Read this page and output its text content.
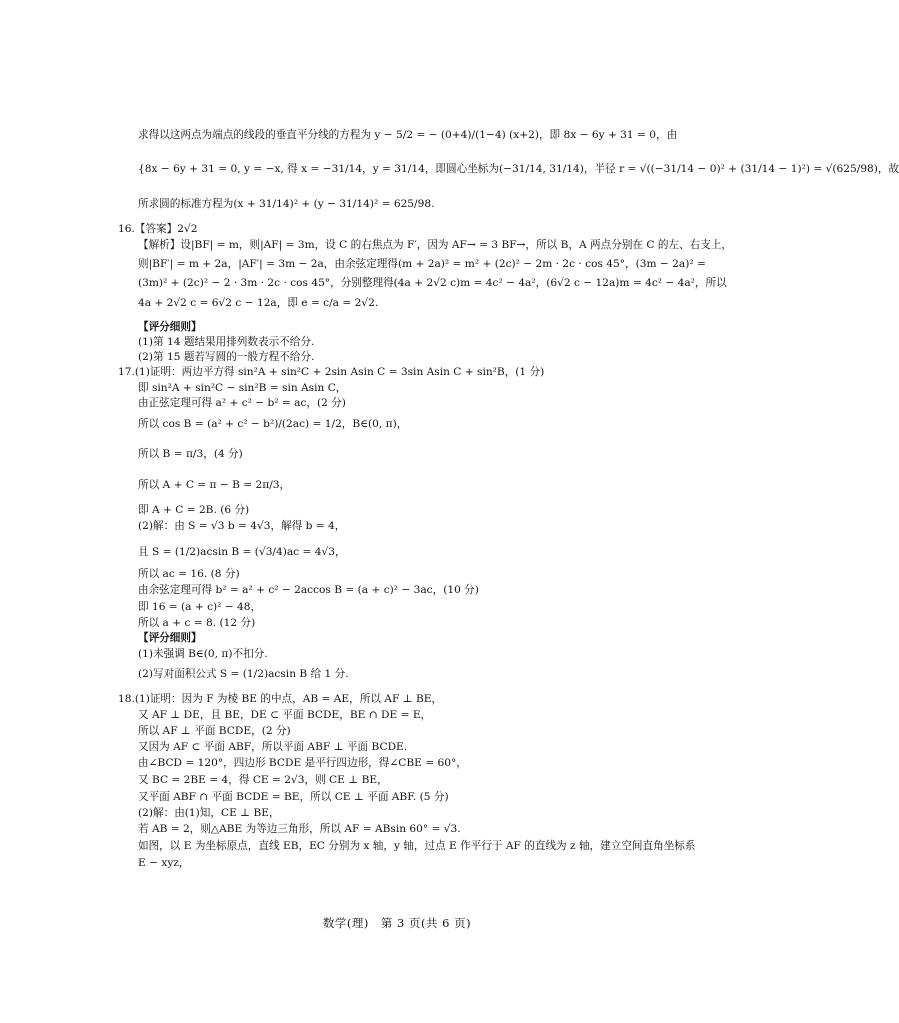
求得以这两点为端点的线段的垂直平分线的方程为 y − 5/2 = − (0+4)/(1−4) (x+2)，即 8x − 6y + 31 = 0，由
{8x − 6y + 31 = 0, y = −x, 得 x = −31/14，y = 31/14，即圆心坐标为(−31/14, 31/14)，半径 r = √((−31/14 − 0)² + (31/14 − 1)²) = √(625/98)，故
所求圆的标准方程为(x + 31/14)² + (y − 31/14)² = 625/98.
16.【答案】2√2
【解析】设|BF| = m，则|AF| = 3m，设 C 的右焦点为 F′，因为 AF→ = 3 BF→，所以 B，A 两点分别在 C 的左、右支上，
则|BF′| = m + 2a，|AF′| = 3m − 2a，由余弦定理得(m + 2a)² = m² + (2c)² − 2m · 2c · cos 45°，(3m − 2a)² =
(3m)² + (2c)² − 2 · 3m · 2c · cos 45°，分别整理得(4a + 2√2 c)m = 4c² − 4a²，(6√2 c − 12a)m = 4c² − 4a²，所以
4a + 2√2 c = 6√2 c − 12a，即 e = c/a = 2√2.
【评分细则】
(1)第 14 题结果用排列数表示不给分.
(2)第 15 题若写圆的一般方程不给分.
17.(1)证明：两边平方得 sin²A + sin²C + 2sin Asin C = 3sin Asin C + sin²B，(1 分)
即 sin²A + sin²C − sin²B = sin Asin C，
由正弦定理可得 a² + c² − b² = ac，(2 分)
所以 cos B = (a² + c² − b²)/(2ac) = 1/2，B∈(0, π)，
所以 B = π/3，(4 分)
所以 A + C = π − B = 2π/3，
即 A + C = 2B. (6 分)
(2)解：由 S = √3 b = 4√3，解得 b = 4，
且 S = (1/2)acsin B = (√3/4)ac = 4√3，
所以 ac = 16. (8 分)
由余弦定理可得 b² = a² + c² − 2accos B = (a + c)² − 3ac，(10 分)
即 16 = (a + c)² − 48，
所以 a + c = 8. (12 分)
【评分细则】
(1)未强调 B∈(0, π)不扣分.
(2)写对面积公式 S = (1/2)acsin B 给 1 分.
18.(1)证明：因为 F 为棱 BE 的中点，AB = AE，所以 AF ⊥ BE，
又 AF ⊥ DE，且 BE，DE ⊂ 平面 BCDE，BE ∩ DE = E，
所以 AF ⊥ 平面 BCDE，(2 分)
又因为 AF ⊂ 平面 ABF，所以平面 ABF ⊥ 平面 BCDE.
由∠BCD = 120°，四边形 BCDE 是平行四边形，得∠CBE = 60°，
又 BC = 2BE = 4，得 CE = 2√3，则 CE ⊥ BE，
又平面 ABF ∩ 平面 BCDE = BE，所以 CE ⊥ 平面 ABF. (5 分)
(2)解：由(1)知，CE ⊥ BE，
若 AB = 2，则△ABE 为等边三角形，所以 AF = ABsin 60° = √3.
如图，以 E 为坐标原点，直线 EB，EC 分别为 x 轴，y 轴，过点 E 作平行于 AF 的直线为 z 轴，建立空间直角坐标系
E − xyz，
数学(理)　第 3 页(共 6 页)
